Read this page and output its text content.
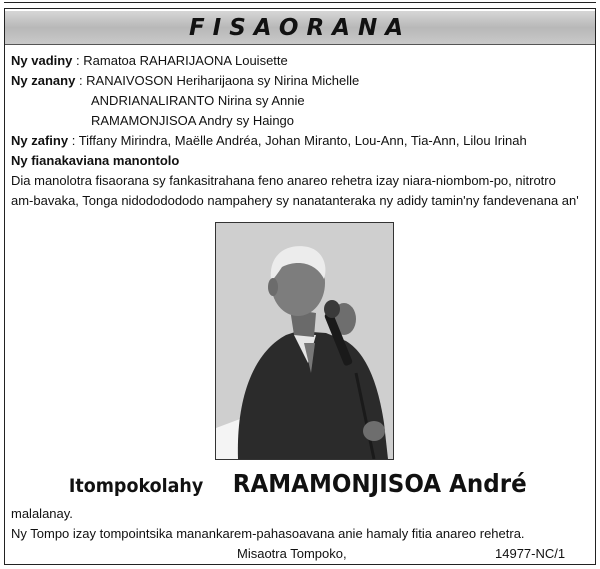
FISAORANA
Ny vadiny : Ramatoa RAHARIJAONA Louisette
Ny zanany : RANAIVOSON Heriharijaona sy Nirina Michelle
ANDRIANALIRANTO Nirina sy Annie
RAMAMONJISOA Andry sy Haingo
Ny zafiny : Tiffany Mirindra, Maëlle Andréa, Johan Miranto, Lou-Ann, Tia-Ann, Lilou Irinah
Ny fianakaviana manontolo
Dia manolotra fisaorana sy fankasitrahana feno anareo rehetra izay niara-niombom-po, nitrotro
am-bavaka, Tonga nidododododo nampahery sy nanatanteraka ny adidy tamin'ny fandevenana an'
Itompokolahy RAMAMONJISOA André
malalanay.
Ny Tompo izay tompointsika manankarem-pahasoavana anie hamaly fitia anareo rehetra.
Misaotra Tompoko,	14977-NC/1
